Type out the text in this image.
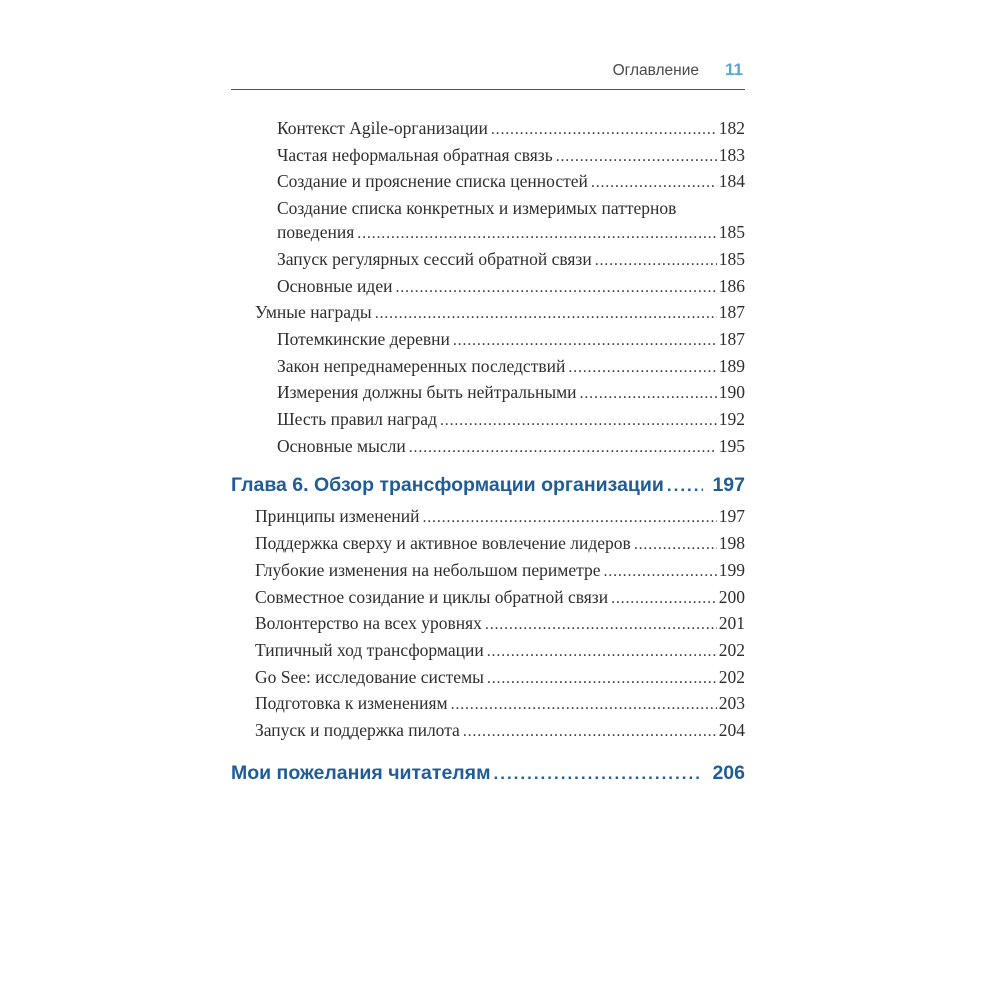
Оглавление 11
Контекст Agile-организации .....	182
Частая неформальная обратная связь .....	183
Создание и прояснение списка ценностей .....	184
Создание списка конкретных и измеримых паттернов
поведения .....	185
Запуск регулярных сессий обратной связи .....	185
Основные идеи .....	186
Умные награды .....	187
Потемкинские деревни .....	187
Закон непреднамеренных последствий .....	189
Измерения должны быть нейтральными .....	190
Шесть правил наград .....	192
Основные мысли .....	195
Глава 6. Обзор трансформации организации ..... 197
Принципы изменений .....	197
Поддержка сверху и активное вовлечение лидеров .....	198
Глубокие изменения на небольшом периметре .....	199
Совместное созидание и циклы обратной связи .....	200
Волонтерство на всех уровнях .....	201
Типичный ход трансформации .....	202
Go See: исследование системы .....	202
Подготовка к изменениям .....	203
Запуск и поддержка пилота .....	204
Мои пожелания читателям .....	206
